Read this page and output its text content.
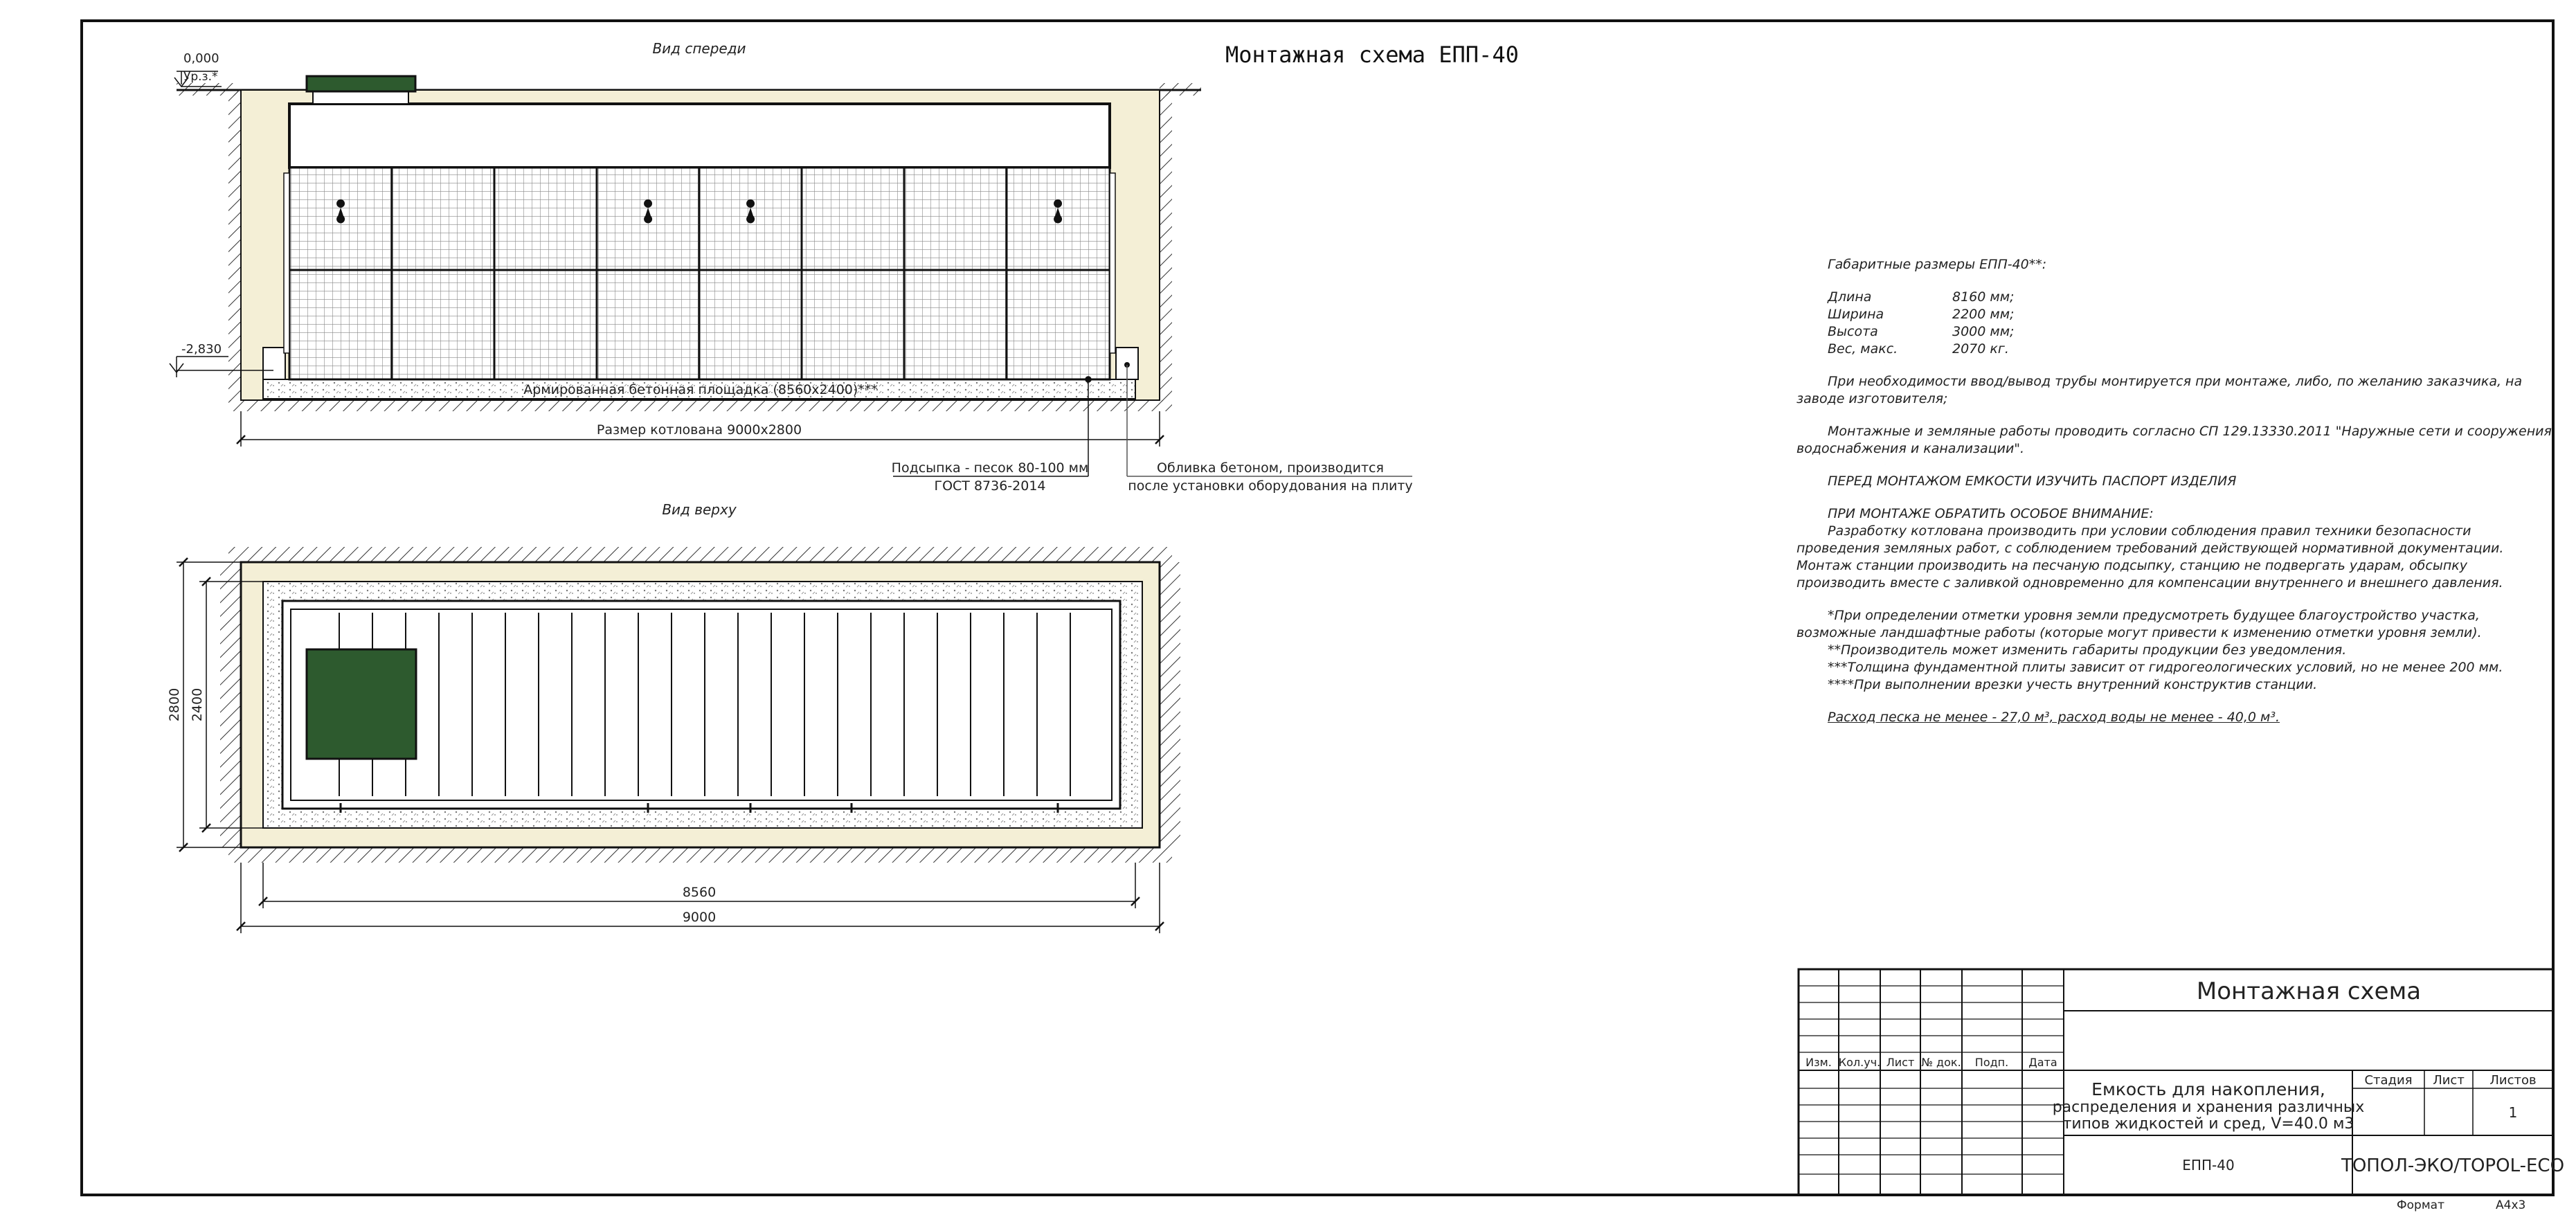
Вид спереди
0,000
Ур.з.*
-2,830
Армированная бетонная площадка (8560х2400)***
Размер котлована 9000х2800
Подсыпка - песок 80-100 мм
ГОСТ 8736-2014
Обливка бетоном, производится
после установки оборудования на плиту
Вид верху
2800 2400
8560
9000
Изм. Кол.уч. Лист № док. Подп. Дата
Монтажная схема
Емкость для накопления,
распределения и хранения различных
типов жидкостей и сред, V=40.0 м3
Стадия Лист Листов
1
ЕПП-40	ТОПОЛ-ЭКО/TOPOL-ECO
Формат	А4х3
Монтажная схема ЕПП-40

Габаритные размеры ЕПП-40**:

Длина	8160 мм;
Ширина	2200 мм;
Высота	3000 мм;
Вес, макс.	2070 кг.

При необходимости ввод/вывод трубы монтируется при монтаже, либо, по желанию заказчика, на заводе изготовителя;

Монтажные и земляные работы проводить согласно СП 129.13330.2011 "Наружные сети и сооружения водоснабжения и канализации".

ПЕРЕД МОНТАЖОМ ЕМКОСТИ ИЗУЧИТЬ ПАСПОРТ ИЗДЕЛИЯ

ПРИ МОНТАЖЕ ОБРАТИТЬ ОСОБОЕ ВНИМАНИЕ:

Разработку котлована производить при условии соблюдения правил техники безопасности проведения земляных работ, с соблюдением требований действующей нормативной документации. Монтаж станции производить на песчаную подсыпку, станцию не подвергать ударам, обсыпку производить вместе с заливкой одновременно для компенсации внутреннего и внешнего давления.

*При определении отметки уровня земли предусмотреть будущее благоустройство участка, возможные ландшафтные работы (которые могут привести к изменению отметки уровня земли).

**Производитель может изменить габариты продукции без уведомления.

***Толщина фундаментной плиты зависит от гидрогеологических условий, но не менее 200 мм.

****При выполнении врезки учесть внутренний конструктив станции.

Расход песка не менее - 27,0 м³, расход воды не менее - 40,0 м³.
